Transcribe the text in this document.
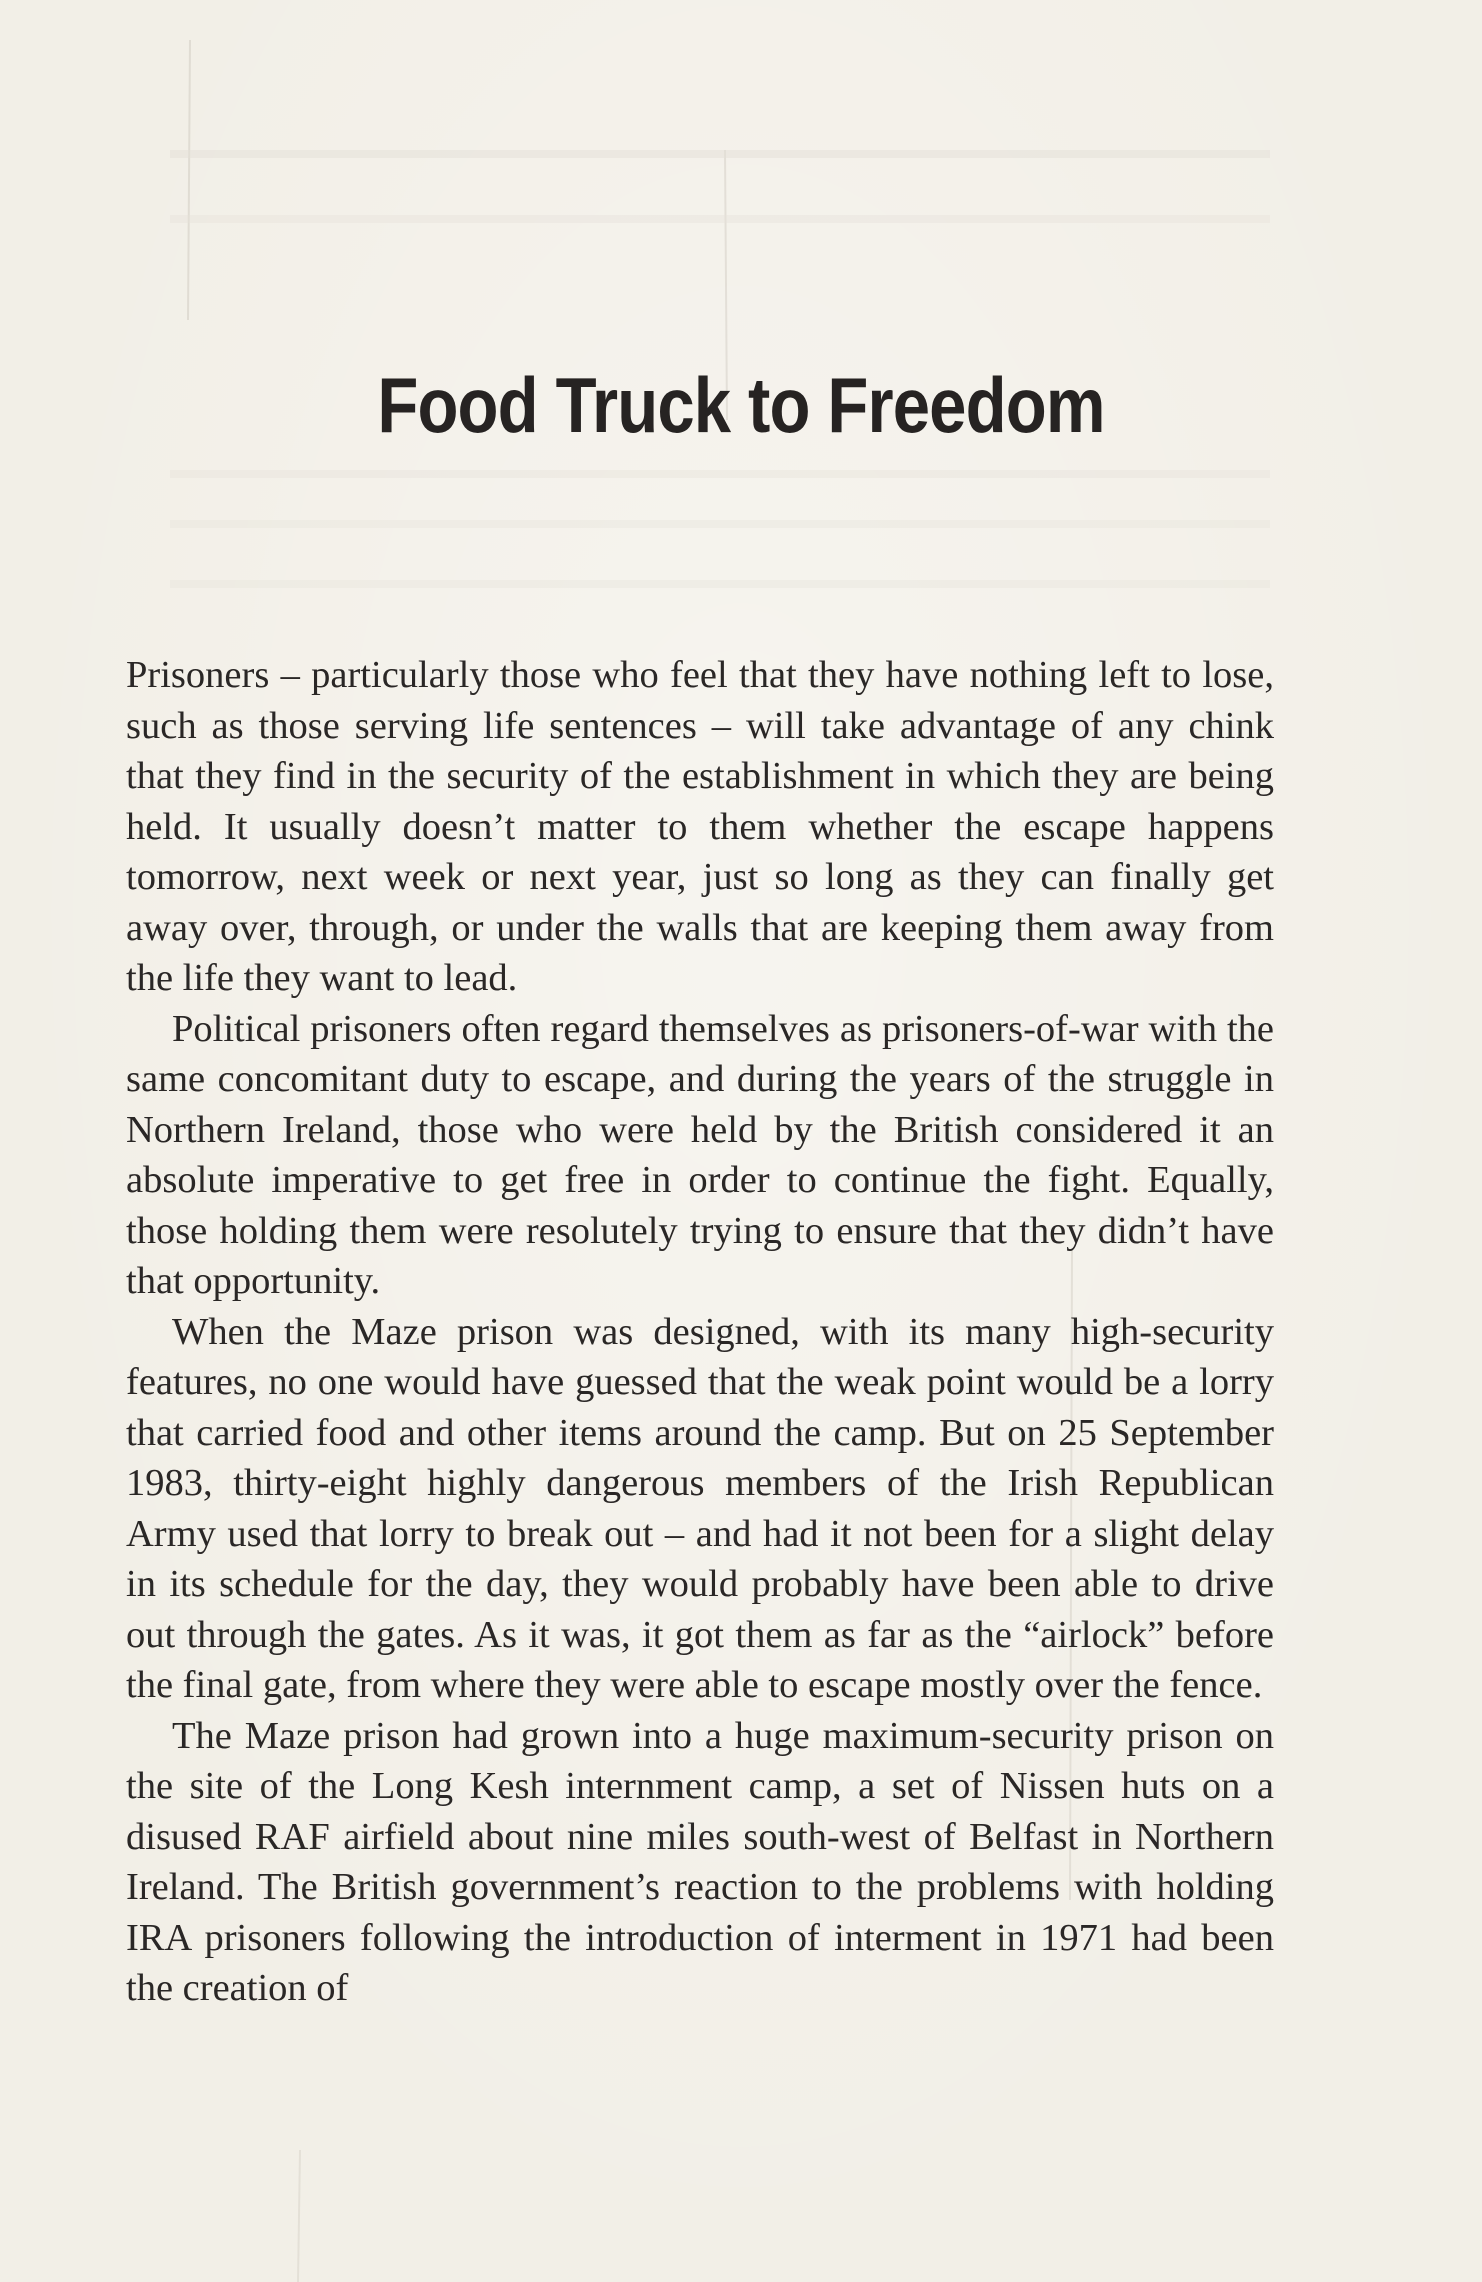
Food Truck to Freedom

Prisoners – particularly those who feel that they have nothing left to lose, such as those serving life sentences – will take advantage of any chink that they find in the security of the establishment in which they are being held. It usually doesn’t matter to them whether the escape happens tomorrow, next week or next year, just so long as they can finally get away over, through, or under the walls that are keeping them away from the life they want to lead.

Political prisoners often regard themselves as prisoners-of-war with the same concomitant duty to escape, and during the years of the struggle in Northern Ireland, those who were held by the British considered it an absolute imperative to get free in order to continue the fight. Equally, those holding them were resolutely trying to ensure that they didn’t have that opportunity.

When the Maze prison was designed, with its many high-security features, no one would have guessed that the weak point would be a lorry that carried food and other items around the camp. But on 25 September 1983, thirty-eight highly dangerous members of the Irish Republican Army used that lorry to break out – and had it not been for a slight delay in its schedule for the day, they would probably have been able to drive out through the gates. As it was, it got them as far as the “airlock” before the final gate, from where they were able to escape mostly over the fence.

The Maze prison had grown into a huge maximum-security prison on the site of the Long Kesh internment camp, a set of Nissen huts on a disused RAF airfield about nine miles south-west of Belfast in Northern Ireland. The British government’s reaction to the problems with holding IRA prisoners following the introduction of interment in 1971 had been the creation of
